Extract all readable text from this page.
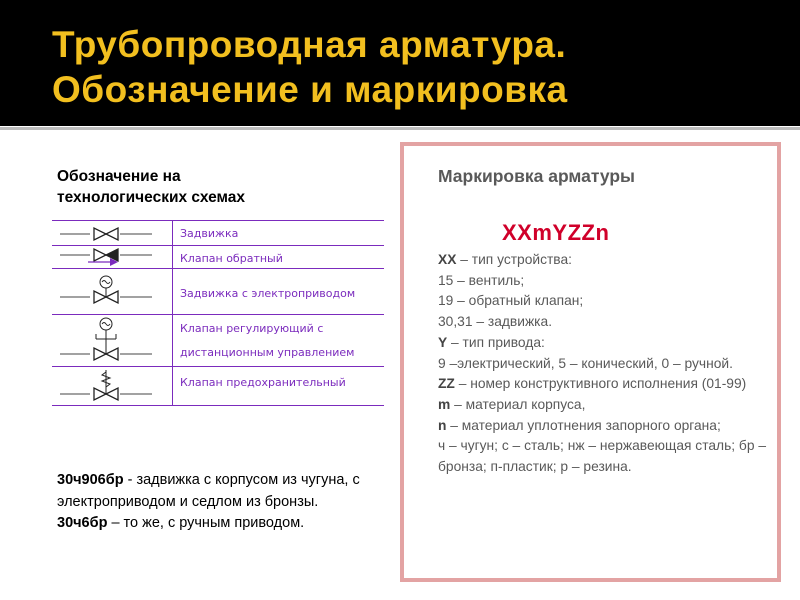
Трубопроводная арматура.
Обозначение и маркировка
Обозначение на
технологических схемах
Задвижка
Клапан обратный
Задвижка с электроприводом
Клапан регулирующий с
дистанционным управлением
Клапан предохранительный

30ч906бр - задвижка с корпусом из чугуна, с электроприводом и седлом из бронзы.

30ч6бр – то же, с ручным приводом.

Маркировка арматуры
XXmYZZn

XX – тип устройства:

15 – вентиль;

19 – обратный клапан;

30,31 – задвижка.

Y – тип привода:

9 –электрический, 5 – конический, 0 – ручной.

ZZ – номер конструктивного исполнения (01-99)

m – материал корпуса,

n – материал уплотнения запорного органа;

ч – чугун; с – сталь; нж – нержавеющая сталь; бр –бронза; п-пластик; р – резина.
